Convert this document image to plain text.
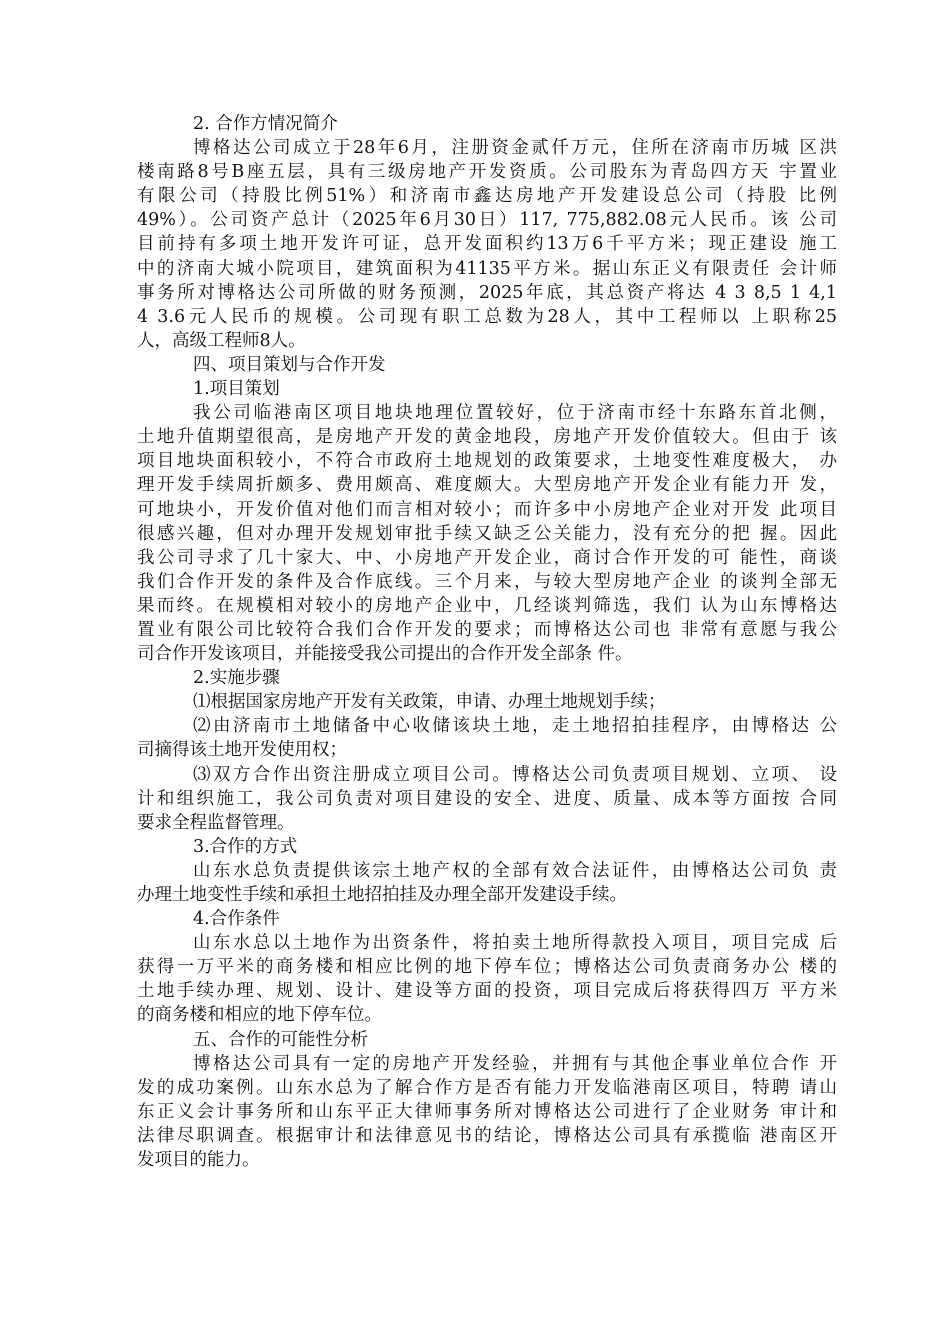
2. 合作方情况简介
博格达公司成立于28年6月，注册资金贰仟万元，住所在济南市历城 区洪
楼南路8号B座五层，具有三级房地产开发资质。公司股东为青岛四方天 宇置业
有限公司（持股比例51%）和济南市鑫达房地产开发建设总公司（持股 比例
49%）。公司资产总计（2025年6月30日）117, 775,882.08元人民币。该 公司
目前持有多项土地开发许可证，总开发面积约13万6千平方米；现正建设 施工
中的济南大城小院项目，建筑面积为41135平方米。据山东正义有限责任 会计师
事务所对博格达公司所做的财务预测，2025年底，其总资产将达 4 3 8,5 1 4,1
4 3.6元人民币的规模。公司现有职工总数为28人，其中工程师以 上职称25
人，高级工程师8人。
四、项目策划与合作开发
1.项目策划
我公司临港南区项目地块地理位置较好，位于济南市经十东路东首北侧，
土地升值期望很高，是房地产开发的黄金地段，房地产开发价值较大。但由于 该
项目地块面积较小，不符合市政府土地规划的政策要求，土地变性难度极大， 办
理开发手续周折颇多、费用颇高、难度颇大。大型房地产开发企业有能力开 发，
可地块小，开发价值对他们而言相对较小；而许多中小房地产企业对开发 此项目
很感兴趣，但对办理开发规划审批手续又缺乏公关能力，没有充分的把 握。因此
我公司寻求了几十家大、中、小房地产开发企业，商讨合作开发的可 能性，商谈
我们合作开发的条件及合作底线。三个月来，与较大型房地产企业 的谈判全部无
果而终。在规模相对较小的房地产企业中，几经谈判筛选，我们 认为山东博格达
置业有限公司比较符合我们合作开发的要求；而博格达公司也 非常有意愿与我公
司合作开发该项目，并能接受我公司提出的合作开发全部条 件。
2.实施步骤
⑴根据国家房地产开发有关政策，申请、办理土地规划手续；
⑵由济南市土地储备中心收储该块土地，走土地招拍挂程序，由博格达 公
司摘得该土地开发使用权；
⑶双方合作出资注册成立项目公司。博格达公司负责项目规划、立项、 设
计和组织施工，我公司负责对项目建设的安全、进度、质量、成本等方面按 合同
要求全程监督管理。
3.合作的方式
山东水总负责提供该宗土地产权的全部有效合法证件，由博格达公司负 责
办理土地变性手续和承担土地招拍挂及办理全部开发建设手续。
4.合作条件
山东水总以土地作为出资条件，将拍卖土地所得款投入项目，项目完成 后
获得一万平米的商务楼和相应比例的地下停车位；博格达公司负责商务办公 楼的
土地手续办理、规划、设计、建设等方面的投资，项目完成后将获得四万 平方米
的商务楼和相应的地下停车位。
五、合作的可能性分析
博格达公司具有一定的房地产开发经验，并拥有与其他企事业单位合作 开
发的成功案例。山东水总为了解合作方是否有能力开发临港南区项目，特聘 请山
东正义会计事务所和山东平正大律师事务所对博格达公司进行了企业财务 审计和
法律尽职调查。根据审计和法律意见书的结论，博格达公司具有承揽临 港南区开
发项目的能力。
